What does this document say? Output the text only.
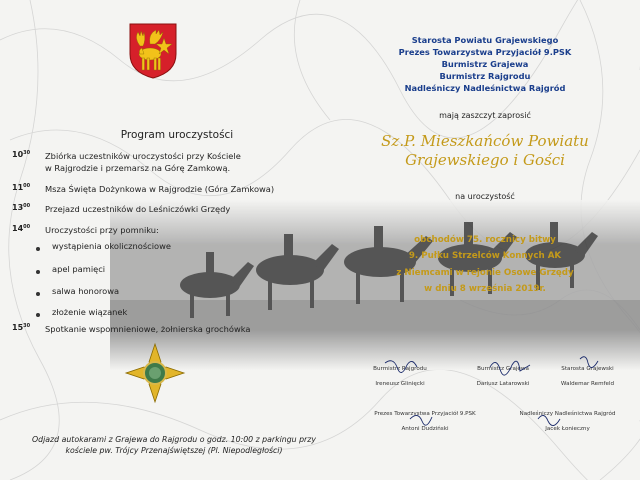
Starosta Powiatu Grajewskiego
Prezes Towarzystwa Przyjaciół 9.PSK
Burmistrz Grajewa
Burmistrz Rajgrodu
Nadleśniczy Nadleśnictwa Rajgród
mają zaszczyt zaprosić
Sz.P. Mieszkańców Powiatu
Grajewskiego i Gości
na uroczystość
obchodów 75. rocznicy bitwy
9. Pułku Strzelców Konnych AK
z Niemcami w rejonie Osowe Grzędy
w dniu 8 września 2019r.
Program uroczystości
$10^{30}$	Zbiórka uczestników uroczystości przy Kościele
w Rajgrodzie i przemarsz na Górę Zamkową.
$11^{00}$	Msza Święta Dożynkowa w Rajgrodzie (Góra Zamkowa)
$13^{00}$	Przejazd uczestników do Leśniczówki Grzędy
$14^{00}$	Uroczystości przy pomniku:
wystąpienia okolicznościowe
apel pamięci
salwa honorowa
złożenie wiązanek
$15^{30}$	Spotkanie wspomnieniowe, żołnierska grochówka
Odjazd autokarami z Grajewa do Rajgrodu o godz. 10:00 z parkingu przy
kościele pw. Trójcy Przenajświętszej (Pl. Niepodległości)
Burmistrz Rajgrodu
Ireneusz Glinięcki
Burmistrz Grajewa
Dariusz Latarowski
Starosta Grajewski
Waldemar Remfeld
Prezes Towarzystwa Przyjaciół 9.PSK
Antoni Dudziński
Nadleśniczy Nadleśnictwa Rajgród
Jacek Łonieczny
